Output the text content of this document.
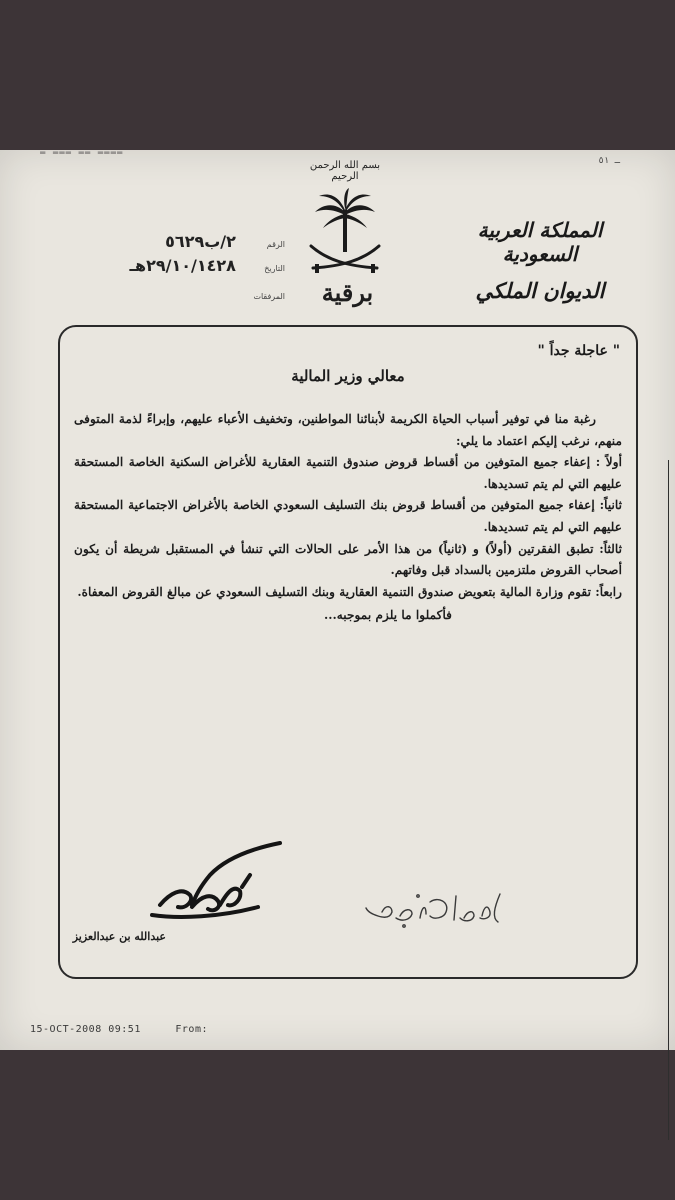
▬ ▬▬▬ ▬▬ ▬▬▬▬
ـ ٥١
بسم الله الرحمن الرحيم
برقية
المملكة العربية السعودية
الديوان الملكي
الرقم ٢/ب٥٦٢٩
التاريخ ٢٩/١٠/١٤٢٨هـ
المرفقات
" عاجلة جداً "
معالي وزير المالية

رغبة منا في توفير أسباب الحياة الكريمة لأبنائنا المواطنين، وتخفيف الأعباء عليهم، وإبراءً لذمة المتوفى منهم، نرغب إليكم اعتماد ما يلي:

أولاً : إعفاء جميع المتوفين من أقساط قروض صندوق التنمية العقارية للأغراض السكنية الخاصة المستحقة عليهم التي لم يتم تسديدها.

ثانياً: إعفاء جميع المتوفين من أقساط قروض بنك التسليف السعودي الخاصة بالأغراض الاجتماعية المستحقة عليهم التي لم يتم تسديدها.

ثالثاً: تطبق الفقرتين (أولاً) و (ثانياً) من هذا الأمر على الحالات التي تنشأ في المستقبل شريطة أن يكون أصحاب القروض ملتزمين بالسداد قبل وفاتهم.

رابعاً: تقوم وزارة المالية بتعويض صندوق التنمية العقارية وبنك التسليف السعودي عن مبالغ القروض المعفاة.

فأكملوا ما يلزم بموجبه...

عبدالله بن عبدالعزيز
15-OCT-2008 09:51	From:
